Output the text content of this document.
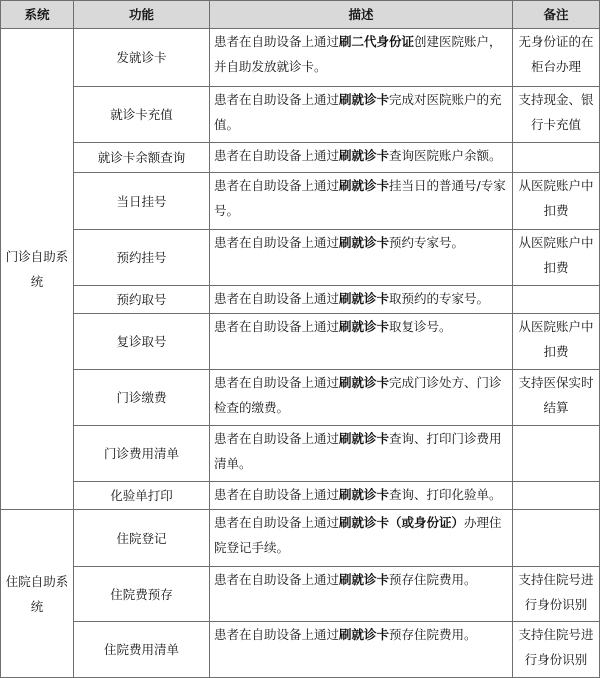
系统	功能	描述	备注
门诊自助系统	发就诊卡	患者在自助设备上通过刷二代身份证创建医院账户，并自助发放就诊卡。	无身份证的在柜台办理
	就诊卡充值	患者在自助设备上通过刷就诊卡完成对医院账户的充值。	支持现金、银行卡充值
	就诊卡余额查询	患者在自助设备上通过刷就诊卡查询医院账户余额。	
	当日挂号	患者在自助设备上通过刷就诊卡挂当日的普通号/专家号。	从医院账户中扣费
	预约挂号	患者在自助设备上通过刷就诊卡预约专家号。	从医院账户中扣费
	预约取号	患者在自助设备上通过刷就诊卡取预约的专家号。	
	复诊取号	患者在自助设备上通过刷就诊卡取复诊号。	从医院账户中扣费
	门诊缴费	患者在自助设备上通过刷就诊卡完成门诊处方、门诊检查的缴费。	支持医保实时结算
	门诊费用清单	患者在自助设备上通过刷就诊卡查询、打印门诊费用清单。	
	化验单打印	患者在自助设备上通过刷就诊卡查询、打印化验单。	
住院自助系统	住院登记	患者在自助设备上通过刷就诊卡（或身份证）办理住院登记手续。	
	住院费预存	患者在自助设备上通过刷就诊卡预存住院费用。	支持住院号进行身份识别
	住院费用清单	患者在自助设备上通过刷就诊卡预存住院费用。	支持住院号进行身份识别
